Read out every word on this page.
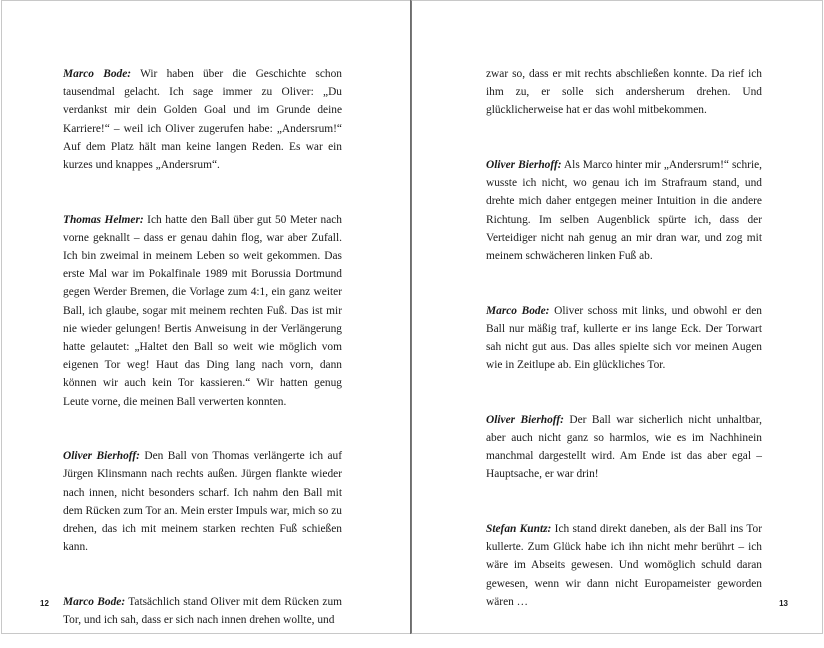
Marco Bode: Wir haben über die Geschichte schon tausendmal gelacht. Ich sage immer zu Oliver: „Du verdankst mir dein Golden Goal und im Grunde deine Karriere!“ – weil ich Oliver zugerufen habe: „Andersrum!“ Auf dem Platz hält man keine langen Reden. Es war ein kurzes und knappes „Andersrum“.

Thomas Helmer: Ich hatte den Ball über gut 50 Meter nach vorne geknallt – dass er genau dahin flog, war aber Zufall. Ich bin zweimal in meinem Leben so weit gekommen. Das erste Mal war im Pokalfinale 1989 mit Borussia Dortmund gegen Werder Bremen, die Vorlage zum 4:1, ein ganz weiter Ball, ich glaube, sogar mit meinem rechten Fuß. Das ist mir nie wieder gelungen! Bertis Anweisung in der Verlängerung hatte gelautet: „Haltet den Ball so weit wie möglich vom eigenen Tor weg! Haut das Ding lang nach vorn, dann können wir auch kein Tor kassieren.“ Wir hatten genug Leute vorne, die meinen Ball verwerten konnten.

Oliver Bierhoff: Den Ball von Thomas verlängerte ich auf Jürgen Klinsmann nach rechts außen. Jürgen flankte wieder nach innen, nicht besonders scharf. Ich nahm den Ball mit dem Rücken zum Tor an. Mein erster Impuls war, mich so zu drehen, das ich mit meinem starken rechten Fuß schießen kann.

Marco Bode: Tatsächlich stand Oliver mit dem Rücken zum Tor, und ich sah, dass er sich nach innen drehen wollte, und

12

zwar so, dass er mit rechts abschließen konnte. Da rief ich ihm zu, er solle sich andersherum drehen. Und glücklicherweise hat er das wohl mitbekommen.

Oliver Bierhoff: Als Marco hinter mir „Andersrum!“ schrie, wusste ich nicht, wo genau ich im Strafraum stand, und drehte mich daher entgegen meiner Intuition in die andere Richtung. Im selben Augenblick spürte ich, dass der Verteidiger nicht nah genug an mir dran war, und zog mit meinem schwächeren linken Fuß ab.

Marco Bode: Oliver schoss mit links, und obwohl er den Ball nur mäßig traf, kullerte er ins lange Eck. Der Torwart sah nicht gut aus. Das alles spielte sich vor meinen Augen wie in Zeitlupe ab. Ein glückliches Tor.

Oliver Bierhoff: Der Ball war sicherlich nicht unhaltbar, aber auch nicht ganz so harmlos, wie es im Nachhinein manchmal dargestellt wird. Am Ende ist das aber egal – Hauptsache, er war drin!

Stefan Kuntz: Ich stand direkt daneben, als der Ball ins Tor kullerte. Zum Glück habe ich ihn nicht mehr berührt – ich wäre im Abseits gewesen. Und womöglich schuld daran gewesen, wenn wir dann nicht Europameister geworden wären …	13
